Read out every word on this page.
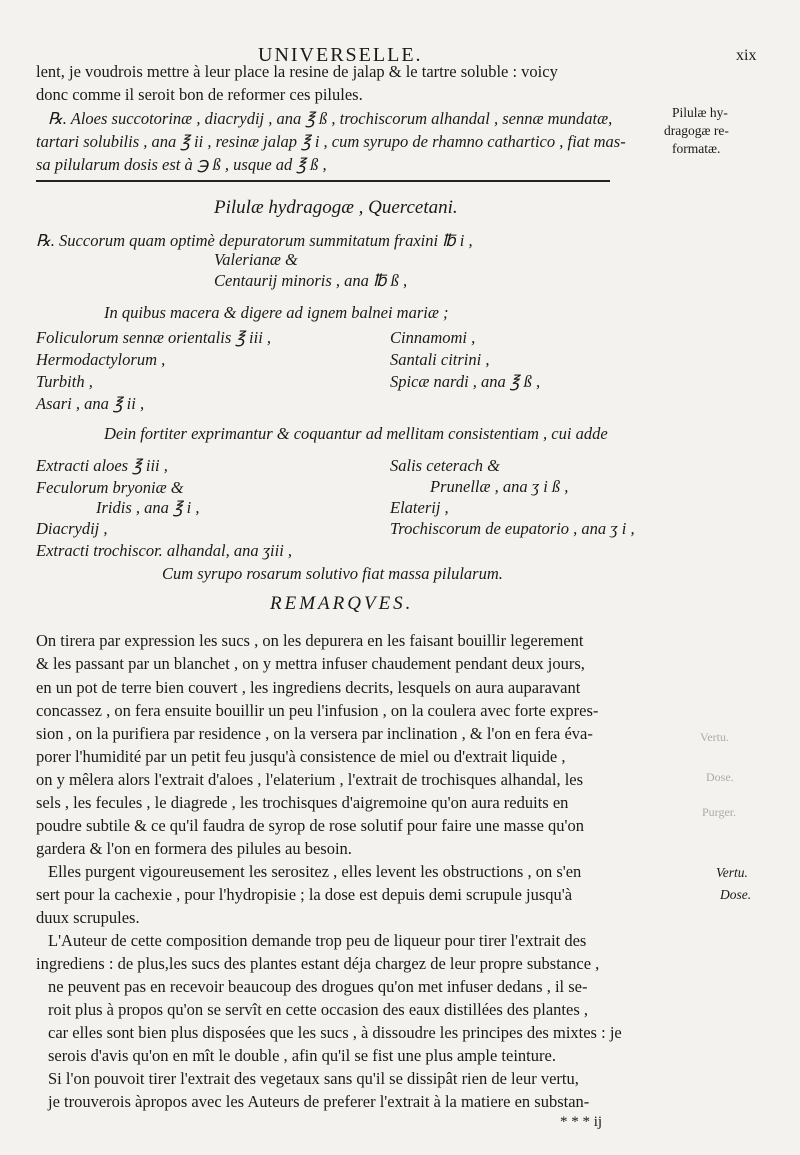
UNIVERSELLE.	xix
lent, je voudrois mettre à leur place la resine de jalap & le tartre soluble : voicy
donc comme il seroit bon de reformer ces pilules.
℞. Aloes succotorinæ , diacrydij , ana ℥ ß , trochiscorum alhandal , sennæ mundatæ,
tartari solubilis , ana ℥ ii , resinæ jalap ℥ i , cum syrupo de rhamno cathartico , fiat mas-
sa pilularum dosis est à ℈ ß , usque ad ℥ ß ,
Pilulæ hy-
dragogæ re-
formatæ.
Pilulæ hydragogæ , Quercetani.
℞. Succorum quam optimè depuratorum summitatum fraxini ℔ i ,
Valerianæ &
Centaurij minoris , ana ℔ ß ,
In quibus macera & digere ad ignem balnei mariæ ;
Foliculorum sennæ orientalis ℥ iii ,
Hermodactylorum ,
Turbith ,
Asari , ana ℥ ii ,
Cinnamomi ,
Santali citrini ,
Spicæ nardi , ana ℥ ß ,
Dein fortiter exprimantur & coquantur ad mellitam consistentiam , cui adde
Extracti aloes ℥ iii ,
Feculorum bryoniæ &
Iridis , ana ℥ i ,
Diacrydij ,
Extracti trochiscor. alhandal, ana ʒiii ,
Salis ceterach &
Prunellæ , ana ʒ i ß ,
Elaterij ,
Trochiscorum de eupatorio , ana ʒ i ,
Cum syrupo rosarum solutivo fiat massa pilularum.
REMARQVES.
On tirera par expression les sucs , on les depurera en les faisant bouillir legerement
& les passant par un blanchet , on y mettra infuser chaudement pendant deux jours,
en un pot de terre bien couvert , les ingrediens decrits, lesquels on aura auparavant
concassez , on fera ensuite bouillir un peu l'infusion , on la coulera avec forte expres-
sion , on la purifiera par residence , on la versera par inclination , & l'on en fera éva-
porer l'humidité par un petit feu jusqu'à consistence de miel ou d'extrait liquide ,
on y mêlera alors l'extrait d'aloes , l'elaterium , l'extrait de trochisques alhandal, les
sels , les fecules , le diagrede , les trochisques d'aigremoine qu'on aura reduits en
poudre subtile & ce qu'il faudra de syrop de rose solutif pour faire une masse qu'on
gardera & l'on en formera des pilules au besoin.
Elles purgent vigoureusement les serositez , elles levent les obstructions , on s'en
sert pour la cachexie , pour l'hydropisie ; la dose est depuis demi scrupule jusqu'à
duux scrupules.
L'Auteur de cette composition demande trop peu de liqueur pour tirer l'extrait des
ingrediens : de plus,les sucs des plantes estant déja chargez de leur propre substance ,
ne peuvent pas en recevoir beaucoup des drogues qu'on met infuser dedans , il se-
roit plus à propos qu'on se servît en cette occasion des eaux distillées des plantes ,
car elles sont bien plus disposées que les sucs , à dissoudre les principes des mixtes : je
serois d'avis qu'on en mît le double , afin qu'il se fist une plus ample teinture.
Si l'on pouvoit tirer l'extrait des vegetaux sans qu'il se dissipât rien de leur vertu,
je trouverois àpropos avec les Auteurs de preferer l'extrait à la matiere en substan-
Vertu.
Dose.
* * * ij
Vertu.
Dose.
Purger.
